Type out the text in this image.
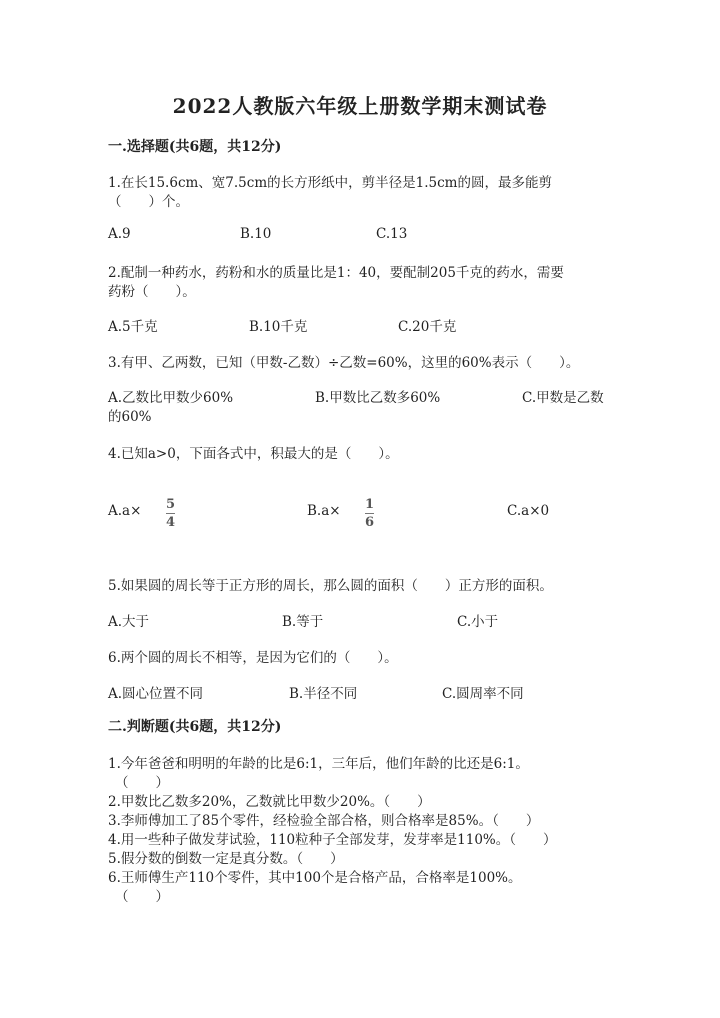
2022人教版六年级上册数学期末测试卷
一.选择题(共6题，共12分)
1.在长15.6cm、宽7.5cm的长方形纸中，剪半径是1.5cm的圆，最多能剪
（　　）个。
A.9	B.10	C.13
2.配制一种药水，药粉和水的质量比是1：40，要配制205千克的药水，需要
药粉（　　）。
A.5千克	B.10千克	C.20千克
3.有甲、乙两数，已知（甲数-乙数）÷乙数=60%，这里的60%表示（　　）。
A.乙数比甲数少60%	B.甲数比乙数多60%	C.甲数是乙数
的60%
4.已知a>0，下面各式中，积最大的是（　　）。
A.a× 5
4
B.a× 1
6
C.a×0
5.如果圆的周长等于正方形的周长，那么圆的面积（　　）正方形的面积。
A.大于	B.等于	C.小于
6.两个圆的周长不相等，是因为它们的（　　）。
A.圆心位置不同	B.半径不同	C.圆周率不同
二.判断题(共6题，共12分)
1.今年爸爸和明明的年龄的比是6:1，三年后，他们年龄的比还是6:1。
（　　）
2.甲数比乙数多20%，乙数就比甲数少20%。（　　）
3.李师傅加工了85个零件，经检验全部合格，则合格率是85%。（　　）
4.用一些种子做发芽试验，110粒种子全部发芽，发芽率是110%。（　　）
5.假分数的倒数一定是真分数。（　　）
6.王师傅生产110个零件，其中100个是合格产品，合格率是100%。
（　　）
